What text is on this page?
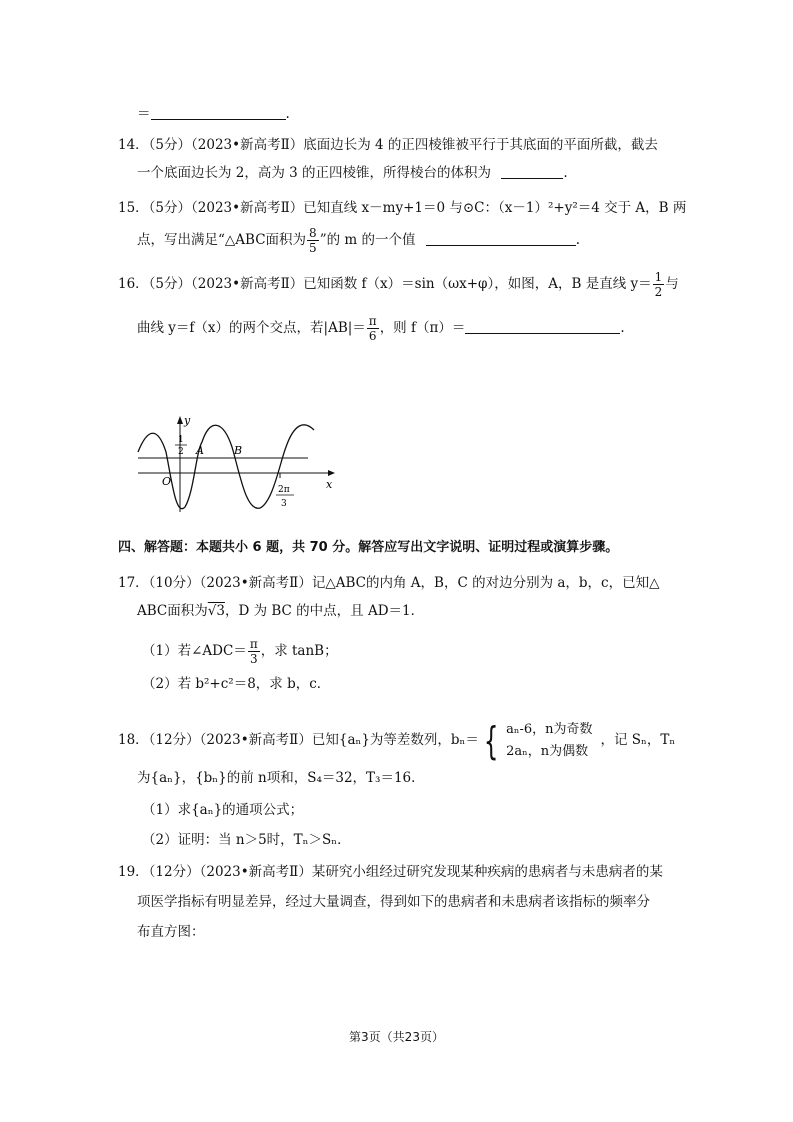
＝	.
14．（5分）（2023•新高考Ⅱ）底面边长为 4 的正四棱锥被平行于其底面的平面所截，截去
一个底面边长为 2，高为 3 的正四棱锥，所得棱台的体积为	.
15．（5分）（2023•新高考Ⅱ）已知直线 x－my+1＝0 与⊙C：（x－1）²+y²＝4 交于 A，B 两
点，写出满足“△ABC面积为 $\frac{8}{5}$ ”的 m 的一个值	.
16．（5分）（2023•新高考Ⅱ）已知函数 f（x）＝sin（ωx+φ），如图，A，B 是直线 $y= \frac{1}{2}$ 与
曲线 y＝f（x）的两个交点，若$|AB|= \frac{\pi}{6}$ ，则 f（π）＝	.
y
x
O
A	B
1
2
2π
3
四、解答题：本题共小 6 题，共 70 分。解答应写出文字说明、证明过程或演算步骤。
17．（10分）（2023•新高考Ⅱ）记△ABC的内角 A，B，C 的对边分别为 a，b，c，已知△
ABC面积为√3，D 为 BC 的中点，且 AD＝1．
（1）若∠ADC＝ $\frac{\pi}{3}$ ，求 tanB；
（2）若 b²+c²＝8，求 b，c．
18．（12分）（2023•新高考Ⅱ）已知{aₙ}为等差数列，bₙ＝ { aₙ-6，n为奇数
2aₙ，n为偶数
，记 Sₙ，Tₙ
为{aₙ}，{bₙ}的前 n项和，S₄＝32，T₃＝16．
（1）求{aₙ}的通项公式；
（2）证明：当 n＞5时，Tₙ＞Sₙ．
19．（12分）（2023•新高考Ⅱ）某研究小组经过研究发现某种疾病的患病者与未患病者的某
项医学指标有明显差异，经过大量调查，得到如下的患病者和未患病者该指标的频率分
布直方图：
第3页（共23页）
